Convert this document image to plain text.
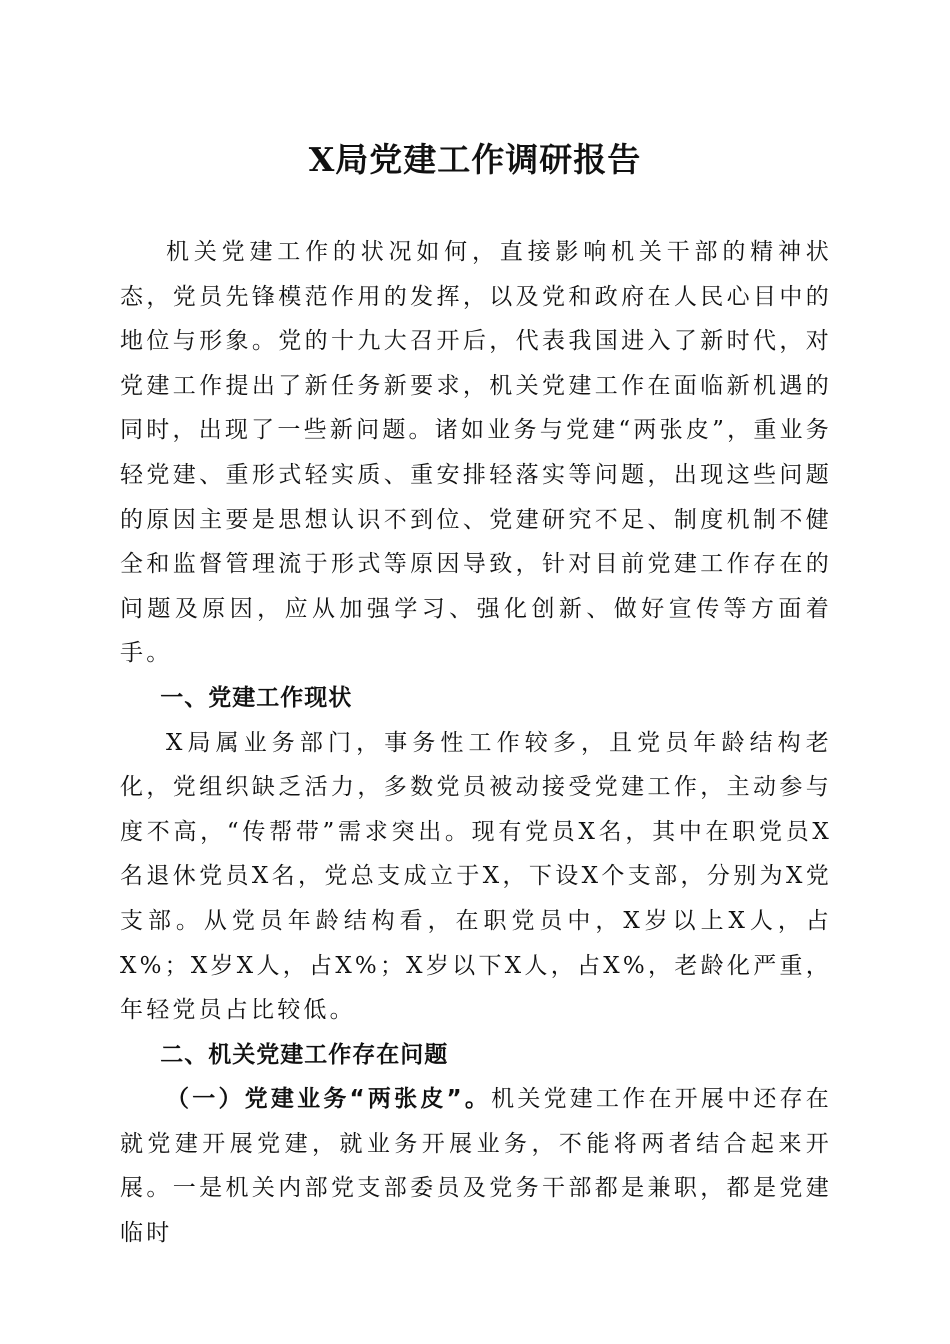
X局党建工作调研报告

机关党建工作的状况如何，直接影响机关干部的精神状态，党员先锋模范作用的发挥，以及党和政府在人民心目中的地位与形象。党的十九大召开后，代表我国进入了新时代，对党建工作提出了新任务新要求，机关党建工作在面临新机遇的同时，出现了一些新问题。诸如业务与党建“两张皮”，重业务轻党建、重形式轻实质、重安排轻落实等问题，出现这些问题的原因主要是思想认识不到位、党建研究不足、制度机制不健全和监督管理流于形式等原因导致，针对目前党建工作存在的问题及原因，应从加强学习、强化创新、做好宣传等方面着手。

一、党建工作现状

X局属业务部门，事务性工作较多，且党员年龄结构老化，党组织缺乏活力，多数党员被动接受党建工作，主动参与度不高，“传帮带”需求突出。现有党员X名，其中在职党员X名退休党员X名，党总支成立于X，下设X个支部，分别为X党支部。从党员年龄结构看，在职党员中，X岁以上X人，占X%；X岁X人，占X%；X岁以下X人，占X%，老龄化严重，年轻党员占比较低。

二、机关党建工作存在问题

（一）党建业务“两张皮”。机关党建工作在开展中还存在就党建开展党建，就业务开展业务，不能将两者结合起来开展。一是机关内部党支部委员及党务干部都是兼职，都是党建临时
